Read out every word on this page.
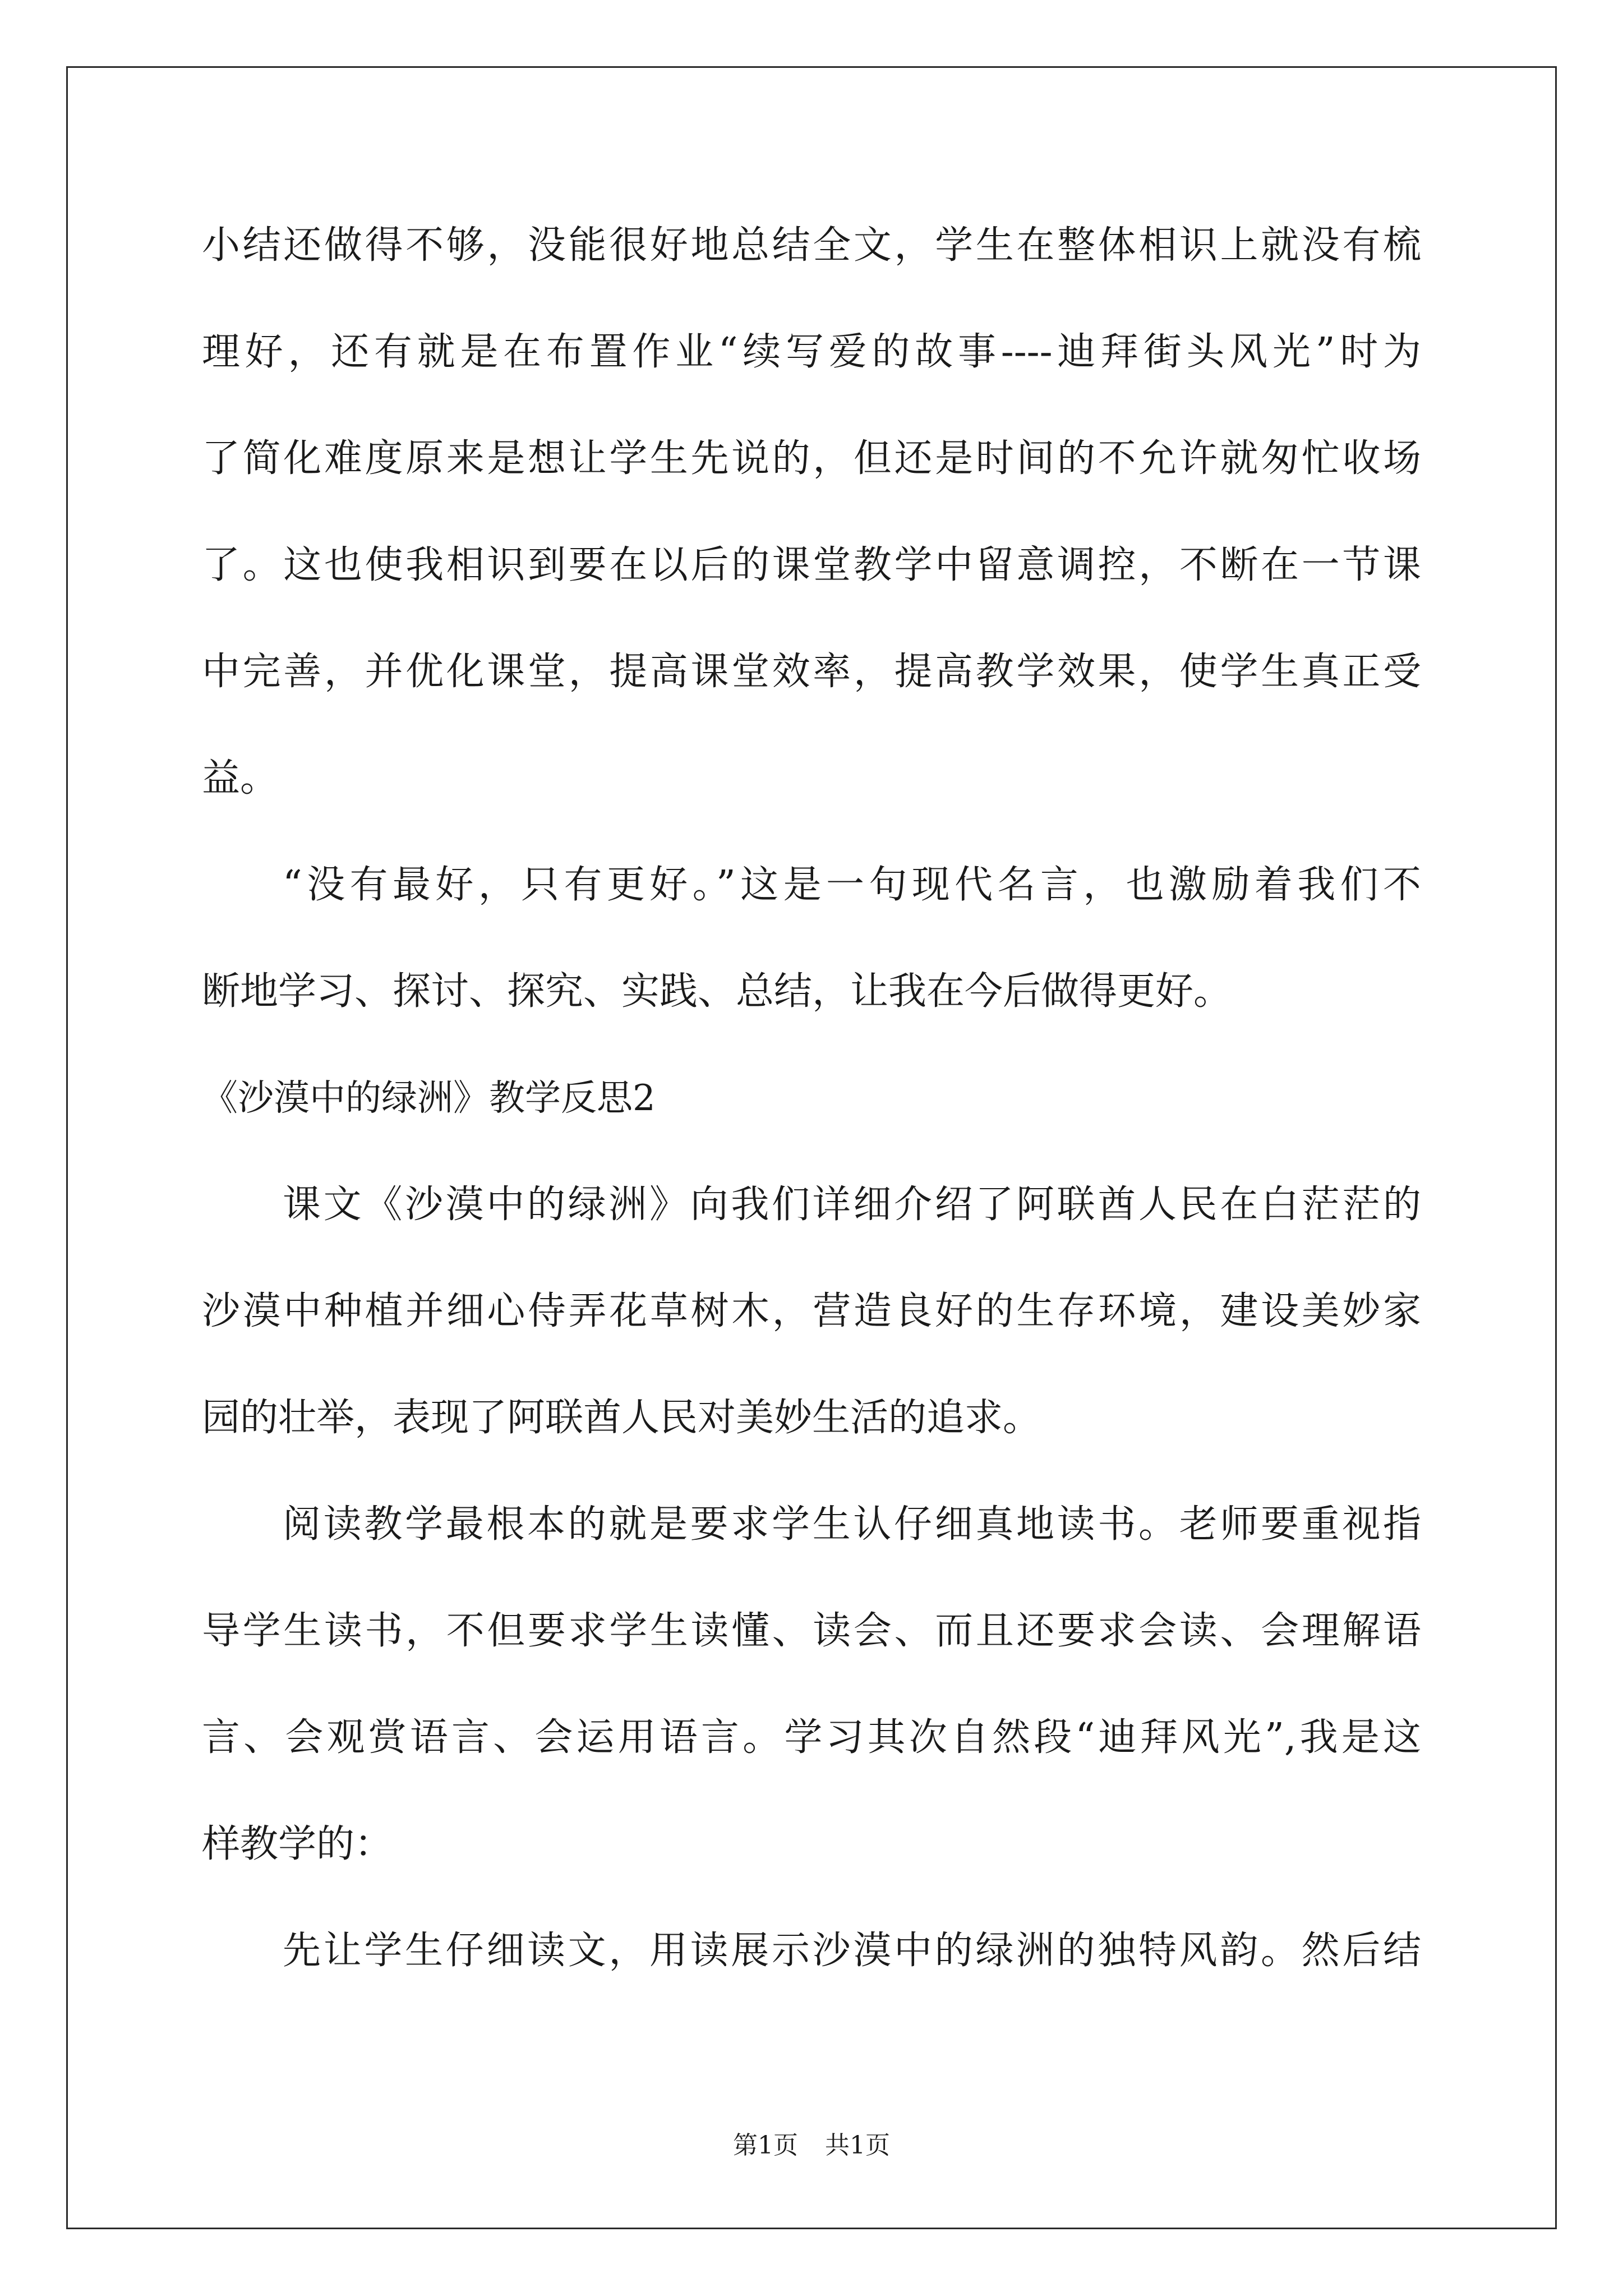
小结还做得不够，没能很好地总结全文，学生在整体相识上就没有梳
理好，还有就是在布置作业“续写爱的故事----迪拜街头风光”时为
了简化难度原来是想让学生先说的，但还是时间的不允许就匆忙收场
了。这也使我相识到要在以后的课堂教学中留意调控，不断在一节课
中完善，并优化课堂，提高课堂效率，提高教学效果，使学生真正受
益。
“没有最好，只有更好。”这是一句现代名言，也激励着我们不
断地学习、探讨、探究、实践、总结，让我在今后做得更好。
《沙漠中的绿洲》教学反思2
课文《沙漠中的绿洲》向我们详细介绍了阿联酋人民在白茫茫的
沙漠中种植并细心侍弄花草树木，营造良好的生存环境，建设美妙家
园的壮举，表现了阿联酋人民对美妙生活的追求。
阅读教学最根本的就是要求学生认仔细真地读书。老师要重视指
导学生读书，不但要求学生读懂、读会、而且还要求会读、会理解语
言、会观赏语言、会运用语言。学习其次自然段“迪拜风光”,我是这
样教学的：
先让学生仔细读文，用读展示沙漠中的绿洲的独特风韵。然后结
第1页 共1页
